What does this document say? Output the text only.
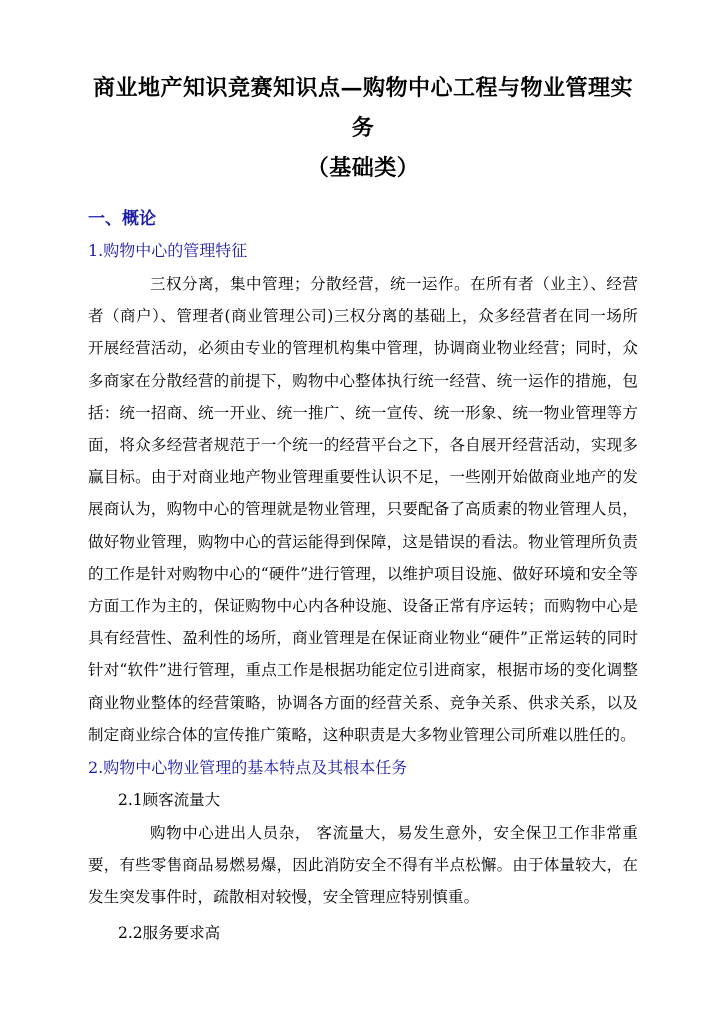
商业地产知识竞赛知识点—购物中心工程与物业管理实务
（基础类）
一、概论
1.购物中心的管理特征

三权分离，集中管理；分散经营，统一运作。在所有者（业主）、经营者（商户）、管理者(商业管理公司)三权分离的基础上，众多经营者在同一场所开展经营活动，必须由专业的管理机构集中管理，协调商业物业经营；同时，众多商家在分散经营的前提下，购物中心整体执行统一经营、统一运作的措施，包括：统一招商、统一开业、统一推广、统一宣传、统一形象、统一物业管理等方面，将众多经营者规范于一个统一的经营平台之下，各自展开经营活动，实现多赢目标。由于对商业地产物业管理重要性认识不足，一些刚开始做商业地产的发展商认为，购物中心的管理就是物业管理，只要配备了高质素的物业管理人员，做好物业管理，购物中心的营运能得到保障，这是错误的看法。物业管理所负责的工作是针对购物中心的“硬件”进行管理，以维护项目设施、做好环境和安全等方面工作为主的，保证购物中心内各种设施、设备正常有序运转；而购物中心是具有经营性、盈利性的场所，商业管理是在保证商业物业“硬件”正常运转的同时针对“软件”进行管理，重点工作是根据功能定位引进商家，根据市场的变化调整商业物业整体的经营策略，协调各方面的经营关系、竞争关系、供求关系，以及制定商业综合体的宣传推广策略，这种职责是大多物业管理公司所难以胜任的。

2.购物中心物业管理的基本特点及其根本任务
2.1顾客流量大

购物中心进出人员杂， 客流量大，易发生意外，安全保卫工作非常重要，有些零售商品易燃易爆，因此消防安全不得有半点松懈。由于体量较大，在发生突发事件时，疏散相对较慢，安全管理应特别慎重。

2.2服务要求高
